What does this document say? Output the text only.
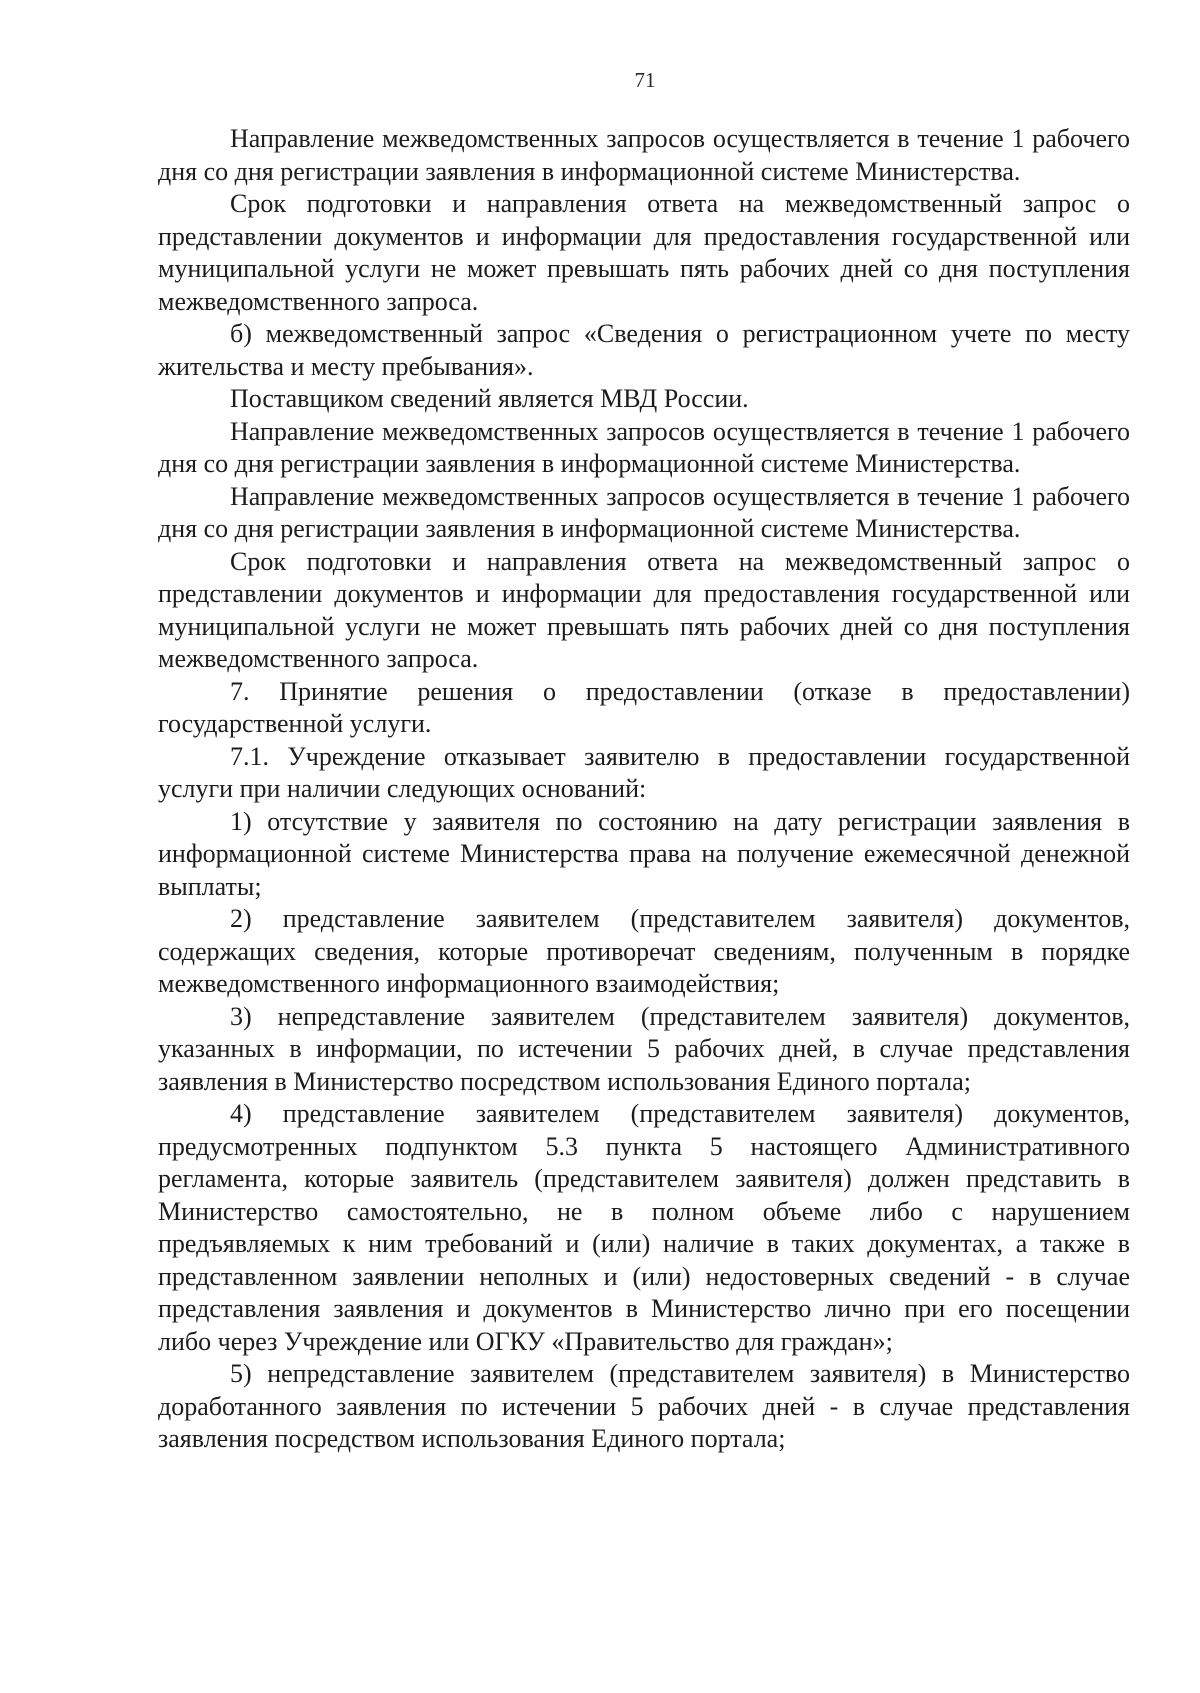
71

Направление межведомственных запросов осуществляется в течение 1 рабочего дня со дня регистрации заявления в информационной системе Министерства.

Срок подготовки и направления ответа на межведомственный запрос о представлении документов и информации для предоставления государственной или муниципальной услуги не может превышать пять рабочих дней со дня поступления межведомственного запроса.

б) межведомственный запрос «Сведения о регистрационном учете по месту жительства и месту пребывания».

Поставщиком сведений является МВД России.

Направление межведомственных запросов осуществляется в течение 1 рабочего дня со дня регистрации заявления в информационной системе Министерства.

Направление межведомственных запросов осуществляется в течение 1 рабочего дня со дня регистрации заявления в информационной системе Министерства.

Срок подготовки и направления ответа на межведомственный запрос о представлении документов и информации для предоставления государственной или муниципальной услуги не может превышать пять рабочих дней со дня поступления межведомственного запроса.

7. Принятие решения о предоставлении (отказе в предоставлении) государственной услуги.

7.1. Учреждение отказывает заявителю в предоставлении государственной услуги при наличии следующих оснований:

1) отсутствие у заявителя по состоянию на дату регистрации заявления в информационной системе Министерства права на получение ежемесячной денежной выплаты;

2) представление заявителем (представителем заявителя) документов, содержащих сведения, которые противоречат сведениям, полученным в порядке межведомственного информационного взаимодействия;

3) непредставление заявителем (представителем заявителя) документов, указанных в информации, по истечении 5 рабочих дней, в случае представления заявления в Министерство посредством использования Единого портала;

4) представление заявителем (представителем заявителя) документов, предусмотренных подпунктом 5.3 пункта 5 настоящего Административного регламента, которые заявитель (представителем заявителя) должен представить в Министерство самостоятельно, не в полном объеме либо с нарушением предъявляемых к ним требований и (или) наличие в таких документах, а также в представленном заявлении неполных и (или) недостоверных сведений - в случае представления заявления и документов в Министерство лично при его посещении либо через Учреждение или ОГКУ «Правительство для граждан»;

5) непредставление заявителем (представителем заявителя) в Министерство доработанного заявления по истечении 5 рабочих дней - в случае представления заявления посредством использования Единого портала;
